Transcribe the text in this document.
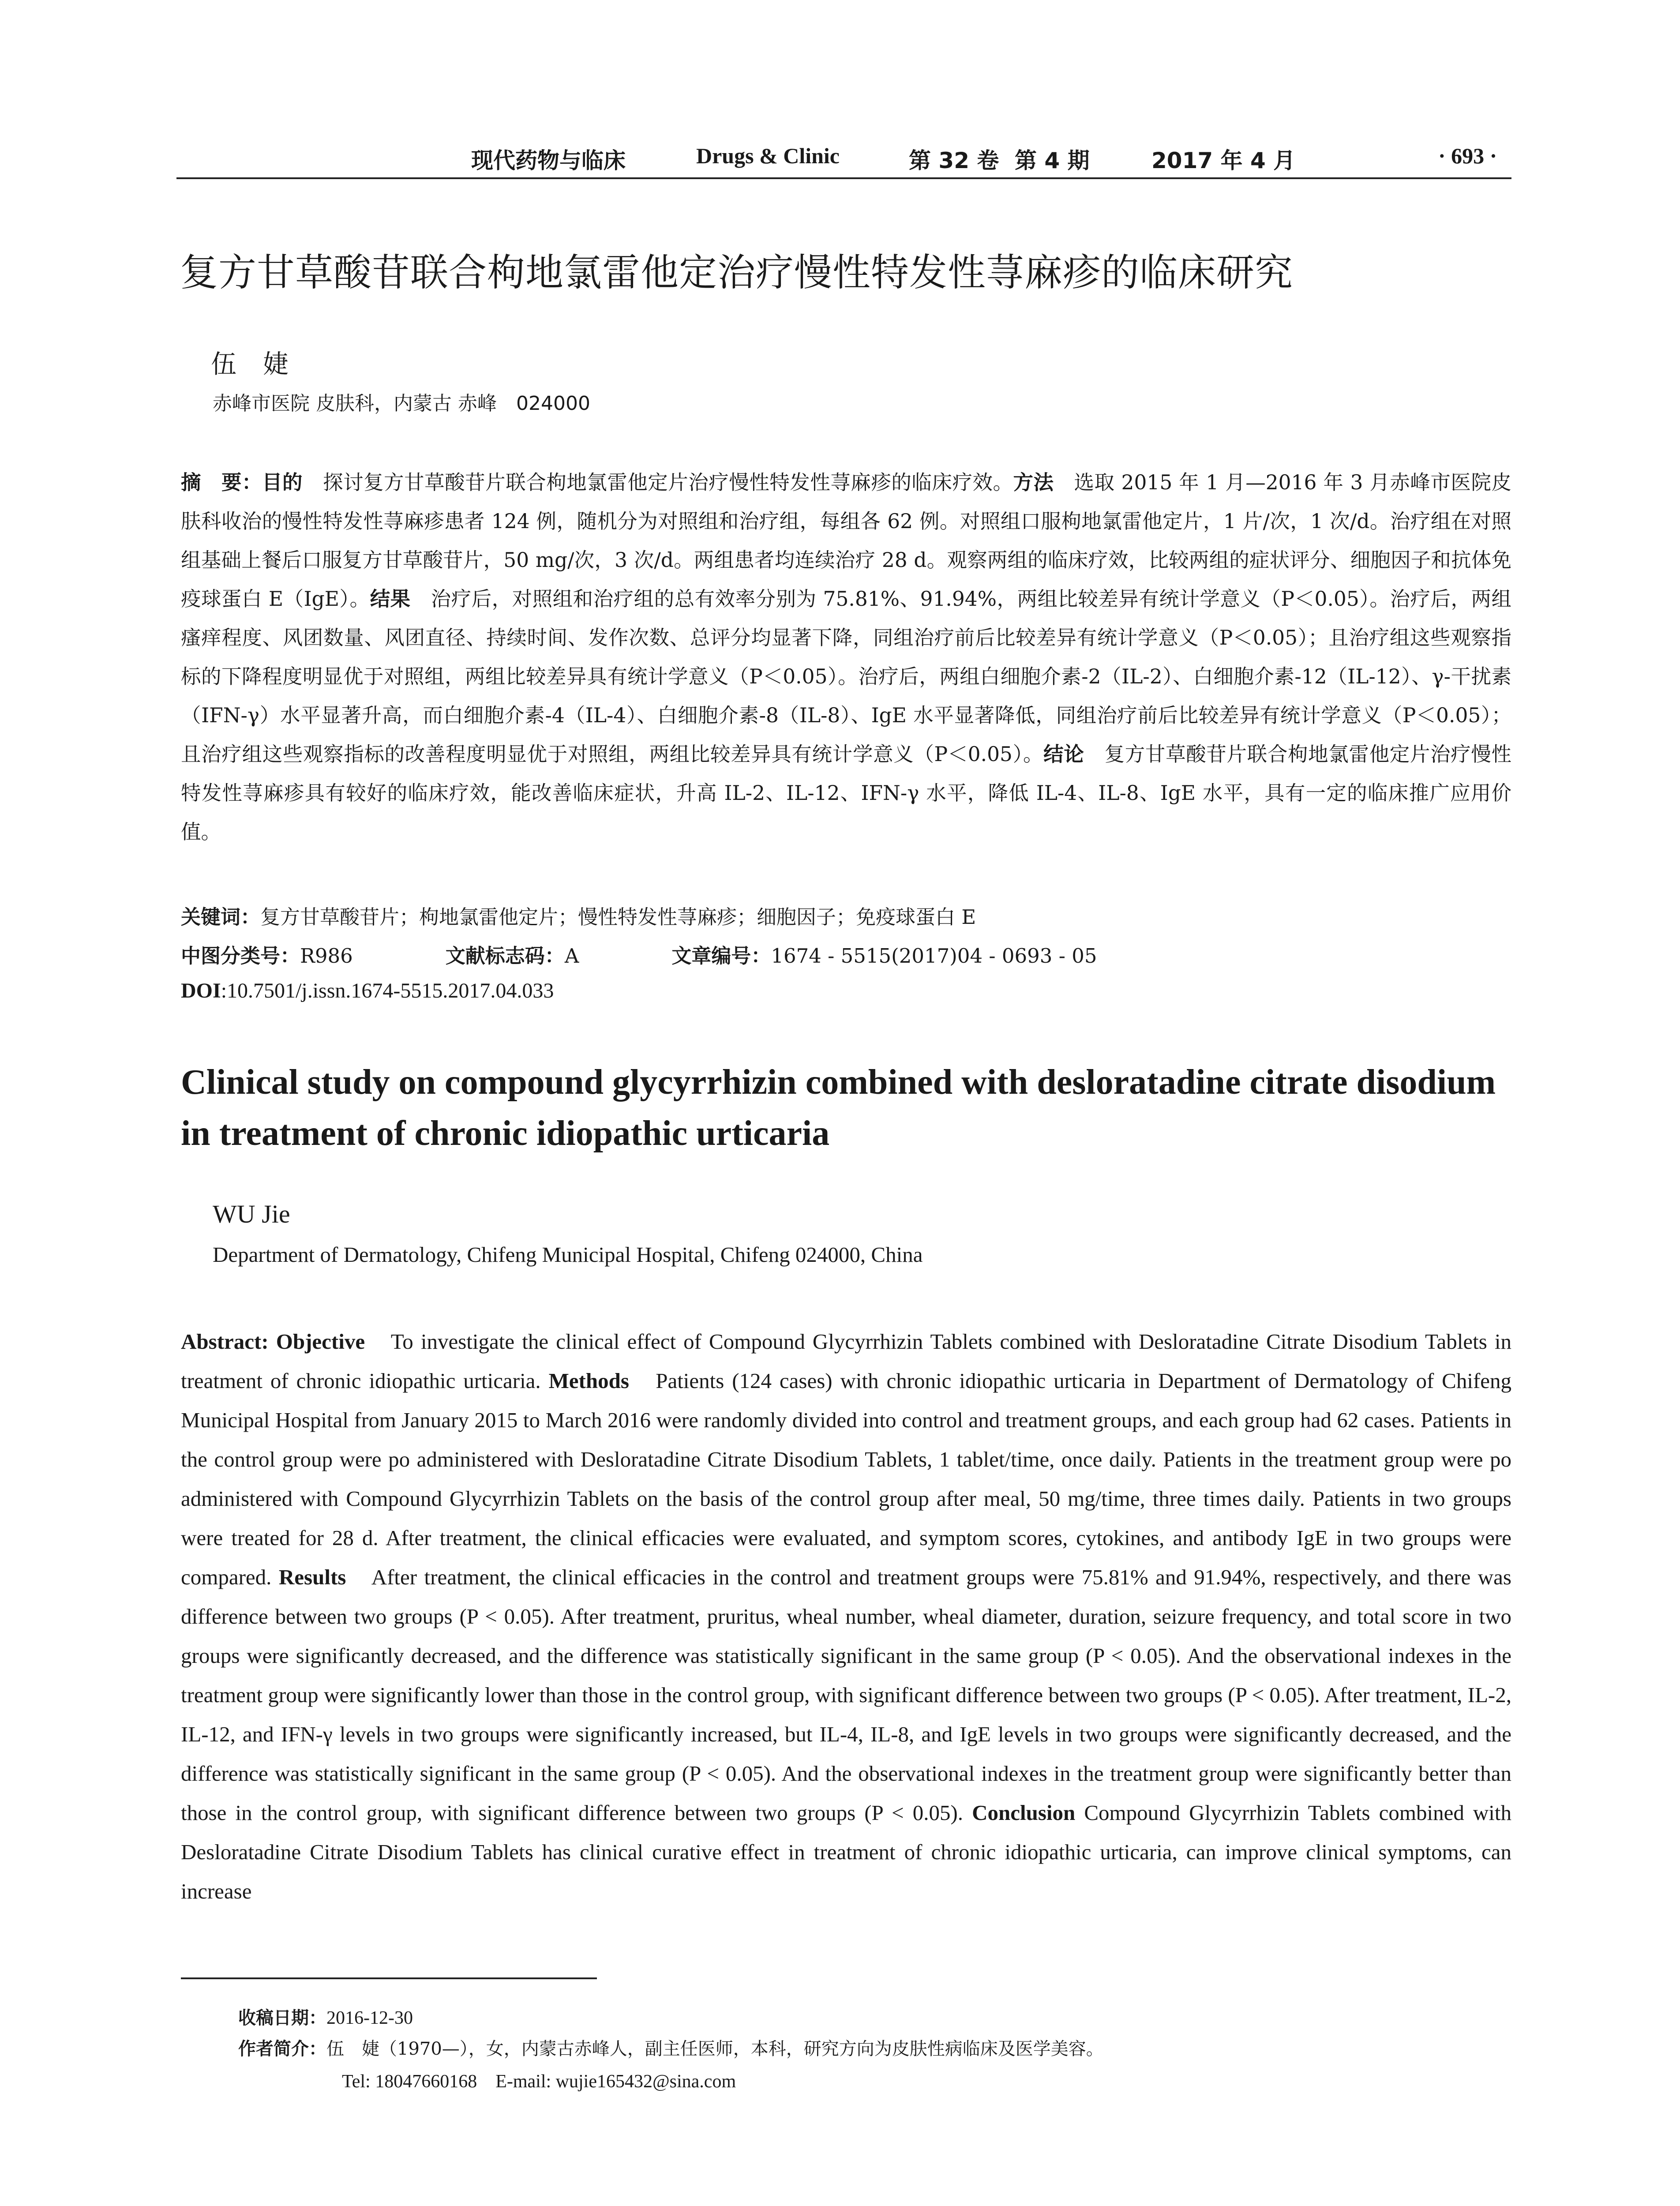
现代药物与临床	Drugs & Clinic	第 32 卷 第 4 期	2017 年 4 月	· 693 ·
复方甘草酸苷联合枸地氯雷他定治疗慢性特发性荨麻疹的临床研究
伍婕
赤峰市医院 皮肤科，内蒙古 赤峰　024000
摘　要：目的　探讨复方甘草酸苷片联合枸地氯雷他定片治疗慢性特发性荨麻疹的临床疗效。方法　选取 2015 年 1 月—2016 年 3 月赤峰市医院皮肤科收治的慢性特发性荨麻疹患者 124 例，随机分为对照组和治疗组，每组各 62 例。对照组口服枸地氯雷他定片，1 片/次，1 次/d。治疗组在对照组基础上餐后口服复方甘草酸苷片，50 mg/次，3 次/d。两组患者均连续治疗 28 d。观察两组的临床疗效，比较两组的症状评分、细胞因子和抗体免疫球蛋白 E（IgE）。结果　治疗后，对照组和治疗组的总有效率分别为 75.81%、91.94%，两组比较差异有统计学意义（P＜0.05）。治疗后，两组瘙痒程度、风团数量、风团直径、持续时间、发作次数、总评分均显著下降，同组治疗前后比较差异有统计学意义（P＜0.05）；且治疗组这些观察指标的下降程度明显优于对照组，两组比较差异具有统计学意义（P＜0.05）。治疗后，两组白细胞介素-2（IL-2）、白细胞介素-12（IL-12）、γ-干扰素（IFN-γ）水平显著升高，而白细胞介素-4（IL-4）、白细胞介素-8（IL-8）、IgE 水平显著降低，同组治疗前后比较差异有统计学意义（P＜0.05）；且治疗组这些观察指标的改善程度明显优于对照组，两组比较差异具有统计学意义（P＜0.05）。结论　复方甘草酸苷片联合枸地氯雷他定片治疗慢性特发性荨麻疹具有较好的临床疗效，能改善临床症状，升高 IL-2、IL-12、IFN-γ 水平，降低 IL-4、IL-8、IgE 水平，具有一定的临床推广应用价值。
关键词：复方甘草酸苷片；枸地氯雷他定片；慢性特发性荨麻疹；细胞因子；免疫球蛋白 E
中图分类号：R986	文献标志码：A	文章编号：1674 - 5515(2017)04 - 0693 - 05
DOI:10.7501/j.issn.1674-5515.2017.04.033
Clinical study on compound glycyrrhizin combined with desloratadine citrate disodium in treatment of chronic idiopathic urticaria
WU Jie
Department of Dermatology, Chifeng Municipal Hospital, Chifeng 024000, China
Abstract: Objective　To investigate the clinical effect of Compound Glycyrrhizin Tablets combined with Desloratadine Citrate Disodium Tablets in treatment of chronic idiopathic urticaria. Methods　Patients (124 cases) with chronic idiopathic urticaria in Department of Dermatology of Chifeng Municipal Hospital from January 2015 to March 2016 were randomly divided into control and treatment groups, and each group had 62 cases. Patients in the control group were po administered with Desloratadine Citrate Disodium Tablets, 1 tablet/time, once daily. Patients in the treatment group were po administered with Compound Glycyrrhizin Tablets on the basis of the control group after meal, 50 mg/time, three times daily. Patients in two groups were treated for 28 d. After treatment, the clinical efficacies were evaluated, and symptom scores, cytokines, and antibody IgE in two groups were compared. Results　After treatment, the clinical efficacies in the control and treatment groups were 75.81% and 91.94%, respectively, and there was difference between two groups (P < 0.05). After treatment, pruritus, wheal number, wheal diameter, duration, seizure frequency, and total score in two groups were significantly decreased, and the difference was statistically significant in the same group (P < 0.05). And the observational indexes in the treatment group were significantly lower than those in the control group, with significant difference between two groups (P < 0.05). After treatment, IL-2, IL-12, and IFN-γ levels in two groups were significantly increased, but IL-4, IL-8, and IgE levels in two groups were significantly decreased, and the difference was statistically significant in the same group (P < 0.05). And the observational indexes in the treatment group were significantly better than those in the control group, with significant difference between two groups (P < 0.05). Conclusion Compound Glycyrrhizin Tablets combined with Desloratadine Citrate Disodium Tablets has clinical curative effect in treatment of chronic idiopathic urticaria, can improve clinical symptoms, can increase
收稿日期：2016-12-30
作者简介：伍　婕（1970—），女，内蒙古赤峰人，副主任医师，本科，研究方向为皮肤性病临床及医学美容。
Tel: 18047660168　E-mail: wujie165432@sina.com
